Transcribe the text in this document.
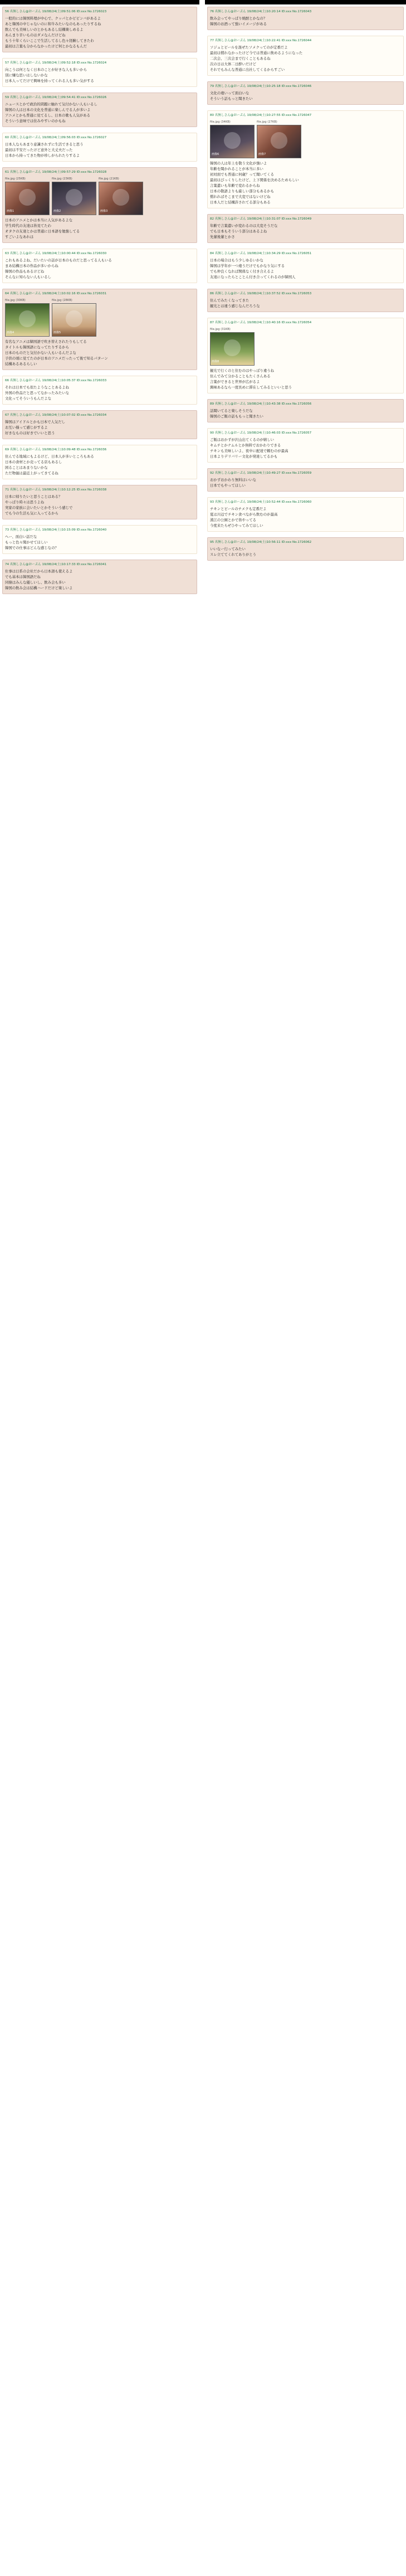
56 名無しさん@おーぷん 19/08/24(土)09:51:06 ID:xxx No.1726023
一般的には韓国料理が中心で、クッパとかビビンバがあるよ
あと韓国の中じゃないのに和牛みたいなのもあったりするね
飲んでも美味しいのとかもあるし結構楽しめるよ
あんまり辛いものはダメなんだけどね
もう十年くらいここで生活してるし色々経験してきたわ
最初は言葉も分からなかったけど何とかなるもんだ
57 名無しさん@おーぷん 19/08/24(土)09:52:18 ID:xxx No.1726024
向こうは何となく日本のことが好きな人も多いから
別に嫌な思いはしないかな
日本人ってだけで興味を持ってくれる人も多い気がする
59 名無しさん@おーぷん 19/08/24(土)09:54:41 ID:xxx No.1726026
ニュースとかで政治的問題に触れて気付かない人もいるし
韓国の人は日本の文化を普通に楽しんでる人が多いよ
アニメとかも普通に見てるし、日本の歌も人気がある
そういう意味では住みやすいのかもね
60 名無しさん@おーぷん 19/08/24(土)09:56:03 ID:xxx No.1726027
日本人ならあまり意識されずに生活できると思う
最初は不安だったけど意外と大丈夫だった
日本から持ってきた物が珍しがられたりするよ
61 名無しさん@おーぷん 19/08/24(土)09:57:29 ID:xxx No.1726028
file.jpg (25KB)
画像1
file.jpg (23KB)
画像2
file.jpg (21KB)
画像3
日本のアニメとかは本当に人気があるよな
学生時代の友達は皆見てたわ
オタクの友達とかは普通に日本語を勉強してる
すごいよなあれは
63 名無しさん@おーぷん 19/08/24(土)10:00:44 ID:xxx No.1726030
これもあるよね、だいたいの話が日本のものだと思ってる人もいる
まあ結構日本の作品が多いからね
韓国の作品もあるけどね
そんなに知らない人もいるし
64 名無しさん@おーぷん 19/08/24(土)10:02:16 ID:xxx No.1726031
file.jpg (30KB)
画像4
file.jpg (28KB)
画像5
有名なアニメは韓国語で吹き替えされたりもしてる
タイトルも韓国語になってたりするから
日本のものだと気付かない人もいるんだよな
子供の頃に見てたのが日本のアニメだったって後で知るパターン
結構あるあるらしい
66 名無しさん@おーぷん 19/08/24(土)10:05:37 ID:xxx No.1726033
それは日本でも似たようなことあるよね
外国の作品だと思ってなかったみたいな
文化ってそういうもんだよな
67 名無しさん@おーぷん 19/08/24(土)10:07:02 ID:xxx No.1726034
韓国はアイドルとかも日本で人気だし
お互い様って感じがするよ
好きなものは好きでいいと思う
69 名無しさん@おーぷん 19/08/24(土)10:09:48 ID:xxx No.1726036
住んでる地域にもよるけど、日本人が多いところもある
日本の食材とか売ってる店もあるし
困ることはあまりないかな
ただ物価は最近上がってきてるね
71 名無しさん@おーぷん 19/08/24(土)10:12:25 ID:xxx No.1726038
日本に帰りたいと思うことはある？
やっぱり時々は思うよね
実家の家族に会いたいとかそういう感じで
でも今の生活も気に入ってるから
73 名無しさん@おーぷん 19/08/24(土)10:15:09 ID:xxx No.1726040
へー、面白い話だな
もっと色々聞かせてほしい
韓国での仕事はどんな感じなの？
74 名無しさん@おーぷん 19/08/24(土)10:17:33 ID:xxx No.1726041
仕事は日系の会社だから日本語も使えるよ
でも基本は韓国語だね
同僚はみんな優しいし、飲み会も多い
韓国の飲み会は結構ハードだけど楽しいよ
76 名無しさん@おーぷん 19/08/24(土)10:20:14 ID:xxx No.1726043
飲み会ってやっぱり焼酎とかなの？
韓国のお酒って強いイメージがある
77 名無しさん@おーぷん 19/08/24(土)10:22:41 ID:xxx No.1726044
ソジュとビールを混ぜたソメクってのが定番だよ
最初は慣れなかったけど今では普通に飲めるようになった
二次会、三次会まで行くこともあるね
次の日は大体二日酔いだけど
それでもみんな普通に出社してくるからすごい
79 名無しさん@おーぷん 19/08/24(土)10:25:18 ID:xxx No.1726046
文化の違いって面白いな
そういう話もっと聞きたい
80 名無しさん@おーぷん 19/08/24(土)10:27:55 ID:xxx No.1726047
file.jpg (34KB)
画像6
file.jpg (27KB)
画像7
韓国の人は年上を敬う文化が強いよ
年齢を聞かれることが本当に多い
初対面でも普通に何歳？って聞いてくる
最初はびっくりしたけど、上下関係を決めるためらしい
言葉遣いも年齢で変わるからね
日本の敬語よりも厳しい部分もあるかも
慣れればそこまで大変ではないけどね
日本人だと結構許されてる部分もある
82 名無しさん@おーぷん 19/08/24(土)10:31:07 ID:xxx No.1726049
年齢で言葉遣いが変わるのは大変そうだな
でも日本もそういう部分はあるよね
先輩後輩とかさ
84 名無しさん@おーぷん 19/08/24(土)10:34:29 ID:xxx No.1726051
日本の場合はもう少しゆるいかな
韓国は学年が一つ違うだけでもかなり気にする
でも仲良くなれば関係なく付き合えるよ
友達になったらとことん付き合ってくれるのが韓国人
86 名無しさん@おーぷん 19/08/24(土)10:37:52 ID:xxx No.1726053
住んでみたくなってきた
観光とは違う感じなんだろうな
87 名無しさん@おーぷん 19/08/24(土)10:40:16 ID:xxx No.1726054
file.jpg (31KB)
画像8
観光で行くのと住むのはやっぱり違うね
住んでみて分かることもたくさんある
言葉ができると世界が広がるよ
興味あるなら一度長めに滞在してみるといいと思う
89 名無しさん@おーぷん 19/08/24(土)10:43:38 ID:xxx No.1726056
話聞いてると楽しそうだな
韓国のご飯の話ももっと聞きたい
90 名無しさん@おーぷん 19/08/24(土)10:46:03 ID:xxx No.1726057
ご飯はおかずが沢山出てくるのが嬉しい
キムチとかナムルとか無料でおかわりできる
チキンも美味しいよ、夜中に配達で頼むのが最高
日本よりデリバリー文化が発達してるかも
92 名無しさん@おーぷん 19/08/24(土)10:49:27 ID:xxx No.1726059
おかずおかわり無料はいいな
日本でもやってほしい
93 名無しさん@おーぷん 19/08/24(土)10:52:44 ID:xxx No.1726060
チキンとビールのチメクも定番だよ
夏は川辺でチキン食べながら飲むのが最高
漢江の公園とかで皆やってる
今度来たらぜひやってみてほしい
95 名無しさん@おーぷん 19/08/24(土)10:56:11 ID:xxx No.1726062
いいなー行ってみたい
スレ立ててくれてありがとう
